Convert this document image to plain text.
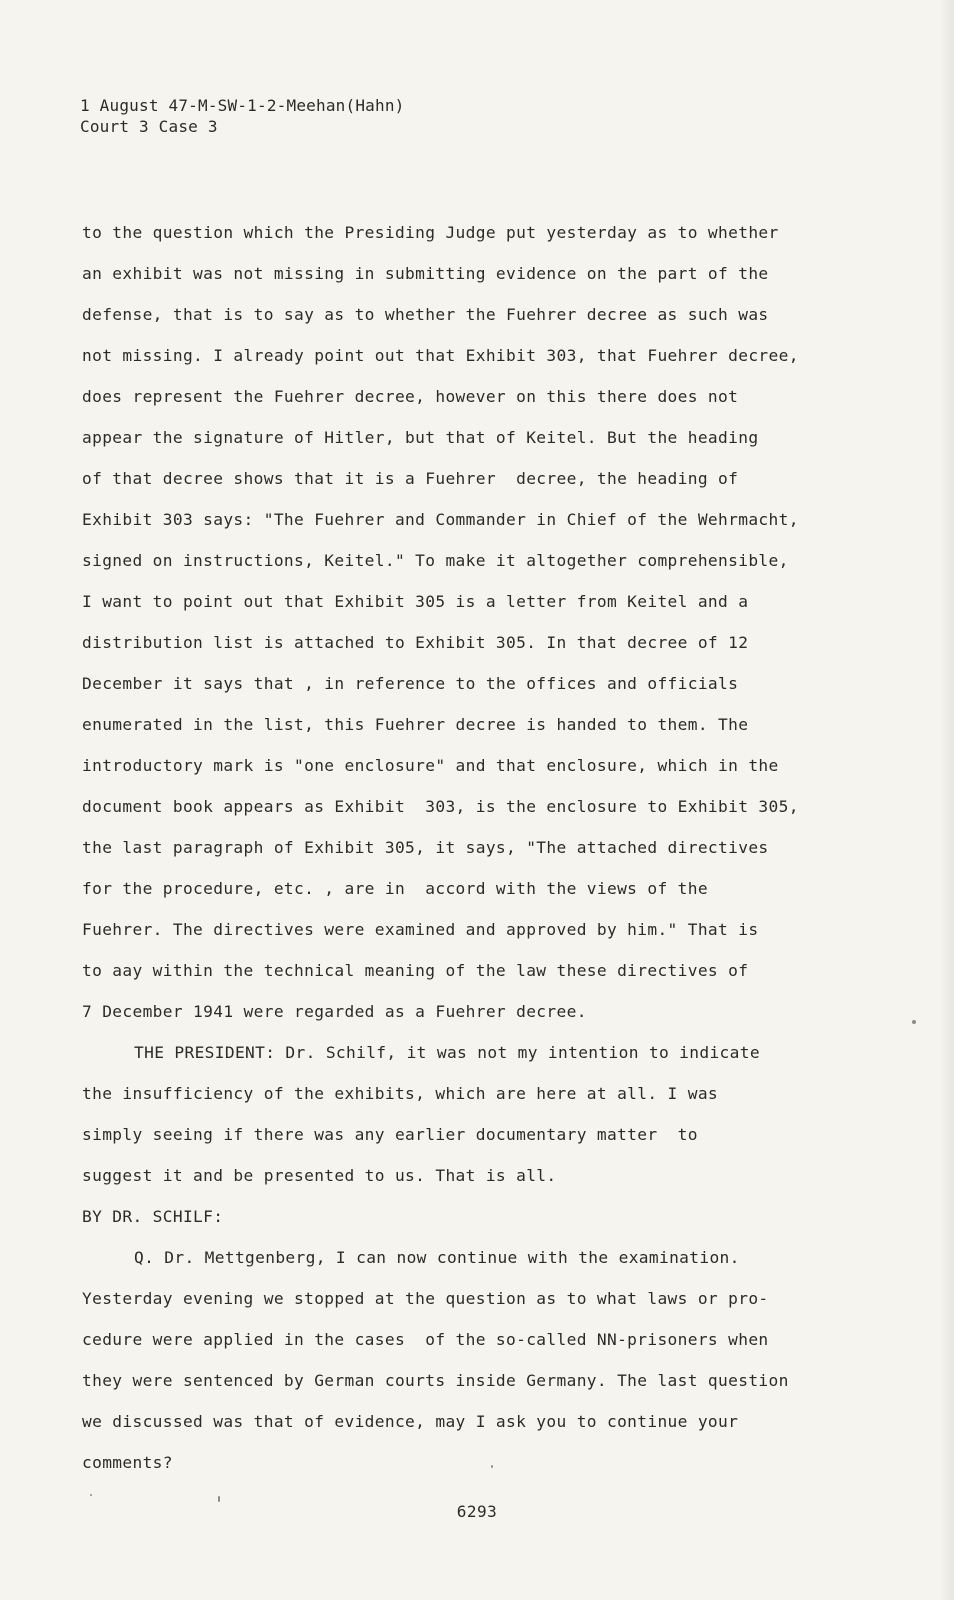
1 August 47-M-SW-1-2-Meehan(Hahn)
Court 3 Case 3
to the question which the Presiding Judge put yesterday as to whether
an exhibit was not missing in submitting evidence on the part of the
defense, that is to say as to whether the Fuehrer decree as such was
not missing. I already point out that Exhibit 303, that Fuehrer decree,
does represent the Fuehrer decree, however on this there does not
appear the signature of Hitler, but that of Keitel. But the heading
of that decree shows that it is a Fuehrer  decree, the heading of
Exhibit 303 says: "The Fuehrer and Commander in Chief of the Wehrmacht,
signed on instructions, Keitel." To make it altogether comprehensible,
I want to point out that Exhibit 305 is a letter from Keitel and a
distribution list is attached to Exhibit 305. In that decree of 12
December it says that , in reference to the offices and officials
enumerated in the list, this Fuehrer decree is handed to them. The
introductory mark is "one enclosure" and that enclosure, which in the
document book appears as Exhibit  303, is the enclosure to Exhibit 305,
the last paragraph of Exhibit 305, it says, "The attached directives
for the procedure, etc. , are in  accord with the views of the
Fuehrer. The directives were examined and approved by him." That is
to aay within the technical meaning of the law these directives of
7 December 1941 were regarded as a Fuehrer decree.
THE PRESIDENT: Dr. Schilf, it was not my intention to indicate
the insufficiency of the exhibits, which are here at all. I was
simply seeing if there was any earlier documentary matter  to
suggest it and be presented to us. That is all.
BY DR. SCHILF:
Q. Dr. Mettgenberg, I can now continue with the examination.
Yesterday evening we stopped at the question as to what laws or pro-
cedure were applied in the cases  of the so-called NN-prisoners when
they were sentenced by German courts inside Germany. The last question
we discussed was that of evidence, may I ask you to continue your
comments?
6293
